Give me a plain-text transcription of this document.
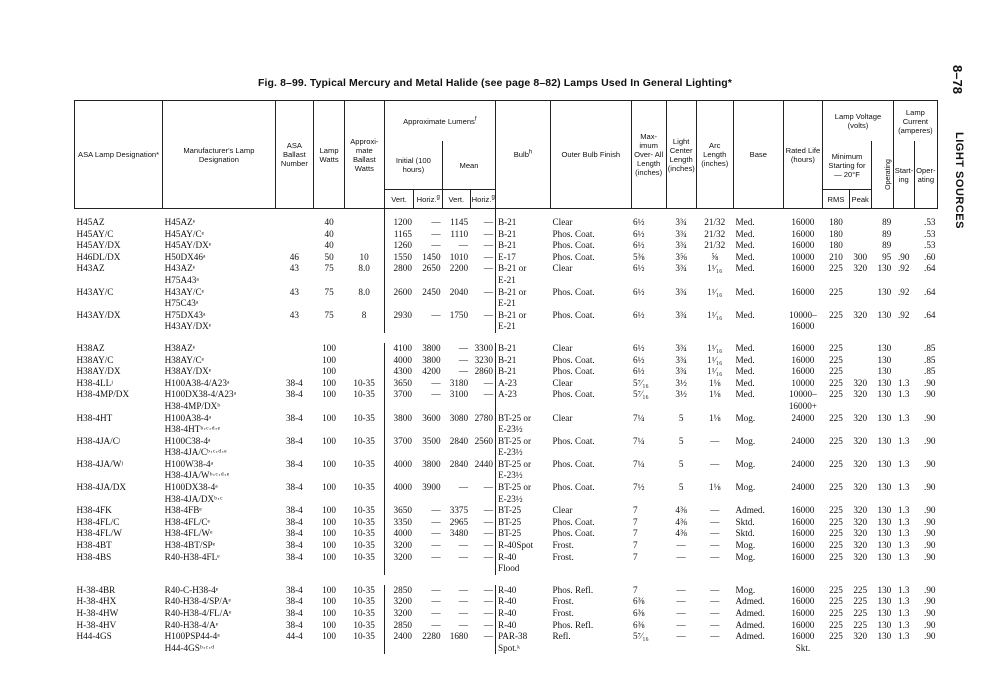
Fig. 8–99. Typical Mercury and Metal Halide (see page 8–82) Lamps Used In General Lighting*	8–78
LIGHT SOURCES
ASA Lamp Designation*	Manufacturer's Lamp Designation	ASA Ballast Number	Lamp Watts	Approxi- mate Ballast Watts	Approximate Lumens$^f$				Bulb$^h$	Outer Bulb Finish	Max- imum Over- All Length (inches)	Light Center Length (inches)	Arc Length (inches)	Base	Rated Life (hours)	Lamp Voltage (volts)			Lamp Current (amperes)	
					Initial (100 hours)		Mean									Minimum Starting for — 20°F		Operating	Start- ing	Oper- ating
					Vert.	Horiz.$^g$	Vert.	Horiz.$^g$								RMS	Peak			
H45AZ	H45AZᵉ		40		1200	—	1145	—	B-21	Clear	6½	3¾	21/32	Med.	16000	180		89		.53
H45AY/C	H45AY/Cᵉ		40		1165	—	1110	—	B-21	Phos. Coat.	6½	3¾	21/32	Med.	16000	180		89		.53
H45AY/DX	H45AY/DXᵉ		40		1260	—	—	—	B-21	Phos. Coat.	6½	3¾	21/32	Med.	16000	180		89		.53
H46DL/DX	H50DX46ᵃ	46	50	10	1550	1450	1010	—	E-17	Phos. Coat.	5⅜	3⅝	⅝	Med.	10000	210	300	95	.90	.60
H43AZ	H43AZᵉ	43	75	8.0	2800	2650	2200	—	B-21 or	Clear	6½	3¾	1¹⁄₁₆	Med.	16000	225	320	130	.92	.64
	H75A43ᵃ								E-21											
H43AY/C	H43AY/Cᵉ	43	75	8.0	2600	2450	2040	—	B-21 or	Phos. Coat.	6½	3¾	1¹⁄₁₆	Med.	16000	225		130	.92	.64
	H75C43ᵃ								E-21											
H43AY/DX	H75DX43ᵃ	43	75	8	2930	—	1750	—	B-21 or	Phos. Coat.	6½	3¾	1¹⁄₁₆	Med.	10000–	225	320	130	.92	.64
	H43AY/DXᵉ								E-21						16000					

H38AZ	H38AZᵉ		100		4100	3800	—	3300	B-21	Clear	6½	3¾	1¹⁄₁₆	Med.	16000	225		130		.85
H38AY/C	H38AY/Cᵉ		100		4000	3800	—	3230	B-21	Phos. Coat.	6½	3¾	1¹⁄₁₆	Med.	16000	225		130		.85
H38AY/DX	H38AY/DXᵉ		100		4300	4200	—	2860	B-21	Phos. Coat.	6½	3¾	1¹⁄₁₆	Med.	16000	225		130		.85
H38-4LLʲ	H100A38-4/A23ᵃ	38-4	100	10-35	3650	—	3180	—	A-23	Clear	5⁷⁄₁₆	3½	1⅛	Med.	10000	225	320	130	1.3	.90
H38-4MP/DX	H100DX38-4/A23ᵃ	38-4	100	10-35	3700	—	3100	—	A-23	Phos. Coat.	5⁷⁄₁₆	3½	1⅛	Med.	10000–	225	320	130	1.3	.90
	H38-4MP/DXᵇ														16000+					
H38-4HT	H100A38-4ᵃ	38-4	100	10-35	3800	3600	3080	2780	BT-25 or	Clear	7¼	5	1⅛	Mog.	24000	225	320	130	1.3	.90
	H38-4HTᵇ·ᶜ·ᵈ·ᵉ								E-23½											
H38-4JA/Cʲ	H100C38-4ᵃ	38-4	100	10-35	3700	3500	2840	2560	BT-25 or	Phos. Coat.	7¼	5	—	Mog.	24000	225	320	130	1.3	.90
	H38-4JA/Cᵇ·ᶜ·ᵈ·ᵉ								E-23½											
H38-4JA/Wʲ	H100W38-4ᵃ	38-4	100	10-35	4000	3800	2840	2440	BT-25 or	Phos. Coat.	7¼	5	—	Mog.	24000	225	320	130	1.3	.90
	H38-4JA/Wᵇ·ᶜ·ᵈ·ᵉ								E-23½											
H38-4JA/DX	H100DX38-4ᵃ	38-4	100	10-35	4000	3900	—	—	BT-25 or	Phos. Coat.	7½	5	1⅛	Mog.	24000	225	320	130	1.3	.90
	H38-4JA/DXᵇ·ᶜ								E-23½											
H38-4FK	H38-4FBᵉ	38-4	100	10-35	3650	—	3375	—	BT-25	Clear	7	4⅜	—	Admed.	16000	225	320	130	1.3	.90
H38-4FL/C	H38-4FL/Cᵉ	38-4	100	10-35	3350	—	2965	—	BT-25	Phos. Coat.	7	4⅜	—	Sktd.	16000	225	320	130	1.3	.90
H38-4FL/W	H38-4FL/Wᵉ	38-4	100	10-35	4000	—	3480	—	BT-25	Phos. Coat.	7	4⅜	—	Sktd.	16000	225	320	130	1.3	.90
H38-4BT	H38-4BT/SPᵉ	38-4	100	10-35	3200	—	—	—	R-40Spot	Frost.	7	—	—	Mog.	16000	225	320	130	1.3	.90
H38-4BS	R40-H38-4FLᵉ	38-4	100	10-35	3200	—	—	—	R-40	Frost.	7	—	—	Mog.	16000	225	320	130	1.3	.90
									Flood											

H-38-4BR	R40-C-H38-4ᵉ	38-4	100	10-35	2850	—	—	—	R-40	Phos. Refl.	7	—	—	Mog.	16000	225	225	130	1.3	.90
H-38-4HX	R40-H38-4/SP/Aᵉ	38-4	100	10-35	3200	—	—	—	R-40	Frost.	6⅜	—	—	Admed.	16000	225	225	130	1.3	.90
H-38-4HW	R40-H38-4/FL/Aᵉ	38-4	100	10-35	3200	—	—	—	R-40	Frost.	6⅜	—	—	Admed.	16000	225	225	130	1.3	.90
H-38-4HV	R40-H38-4/Aᵉ	38-4	100	10-35	2850	—	—	—	R-40	Phos. Refl.	6⅜	—	—	Admed.	16000	225	225	130	1.3	.90
H44-4GS	H100PSP44-4ᵃ	44-4	100	10-35	2400	2280	1680	—	PAR-38	Refl.	5⁷⁄₁₆	—	—	Admed.	16000	225	320	130	1.3	.90
	H44-4GSᵇ·ᶜ·ᵈ								Spot.ᵏ						Skt.					
